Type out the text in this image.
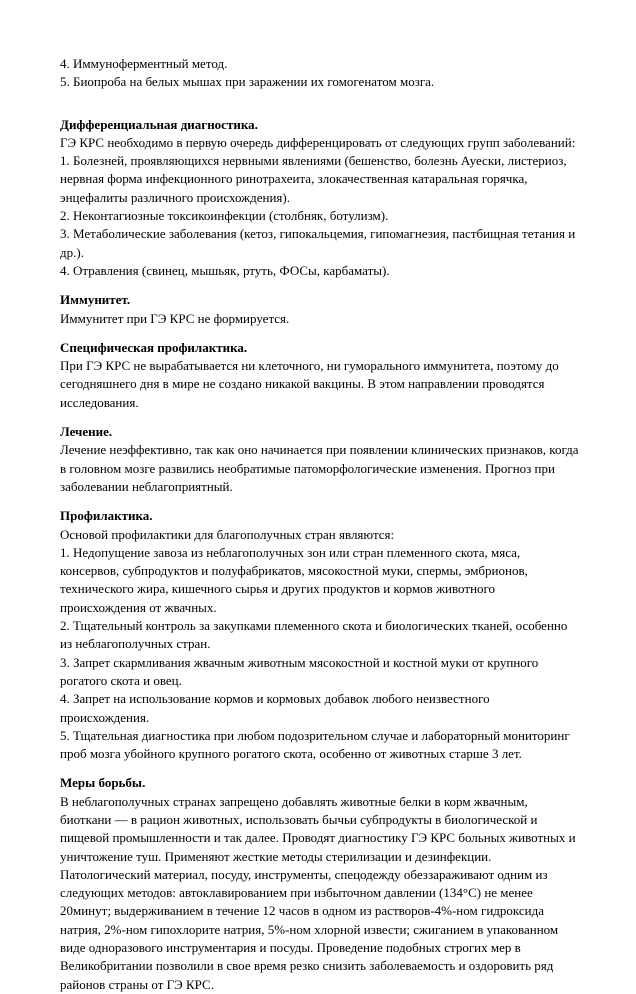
4. Иммуноферментный метод.
5. Биопроба на белых мышах при заражении их гомогенатом мозга.
Дифференциальная диагностика.
ГЭ КРС необходимо в первую очередь дифференцировать от следующих групп заболеваний:
1. Болезней, проявляющихся нервными явлениями (бешенство, болезнь Ауески, листериоз,
нервная форма инфекционного ринотрахеита, злокачественная катаральная горячка,
энцефалиты различного происхождения).
2. Неконтагиозные токсикоинфекции (столбняк, ботулизм).
3. Метаболические заболевания (кетоз, гипокальцемия, гипомагнезия, пастбищная тетания и
др.).
4. Отравления (свинец, мышьяк, ртуть, ФОСы, карбаматы).
Иммунитет.
Иммунитет при ГЭ КРС не формируется.
Специфическая профилактика.
При ГЭ КРС не вырабатывается ни клеточного, ни гуморального иммунитета, поэтому до
сегодняшнего дня в мире не создано никакой вакцины. В этом направлении проводятся
исследования.
Лечение.
Лечение неэффективно, так как оно начинается при появлении клинических признаков, когда
в головном мозге развились необратимые патоморфологические изменения. Прогноз при
заболевании неблагоприятный.
Профилактика.
Основой профилактики для благополучных стран являются:
1. Недопущение завоза из неблагополучных зон или стран племенного скота, мяса,
консервов, субпродуктов и полуфабрикатов, мясокостной муки, спермы, эмбрионов,
технического жира, кишечного сырья и других продуктов и кормов животного
происхождения от жвачных.
2. Тщательный контроль за закупками племенного скота и биологических тканей, особенно
из неблагополучных стран.
3. Запрет скармливания жвачным животным мясокостной и костной муки от крупного
рогатого скота и овец.
4. Запрет на использование кормов и кормовых добавок любого неизвестного
происхождения.
5. Тщательная диагностика при любом подозрительном случае и лабораторный мониторинг
проб мозга убойного крупного рогатого скота, особенно от животных старше 3 лет.
Меры борьбы.
В неблагополучных странах запрещено добавлять животные белки в корм жвачным,
биоткани — в рацион животных, использовать бычьи субпродукты в биологической и
пищевой промышленности и так далее. Проводят диагностику ГЭ КРС больных животных и
уничтожение туш. Применяют жесткие методы стерилизации и дезинфекции.
Патологический материал, посуду, инструменты, спецодежду обеззараживают одним из
следующих методов: автоклавированием при избыточном давлении (134°С) не менее
20минут; выдерживанием в течение 12 часов в одном из растворов-4%-ном гидроксида
натрия, 2%-ном гипохлорите натрия, 5%-ном хлорной извести; сжиганием в упакованном
виде одноразового инструментария и посуды. Проведение подобных строгих мер в
Великобритании позволили в свое время резко снизить заболеваемость и оздоровить ряд
районов страны от ГЭ КРС.
